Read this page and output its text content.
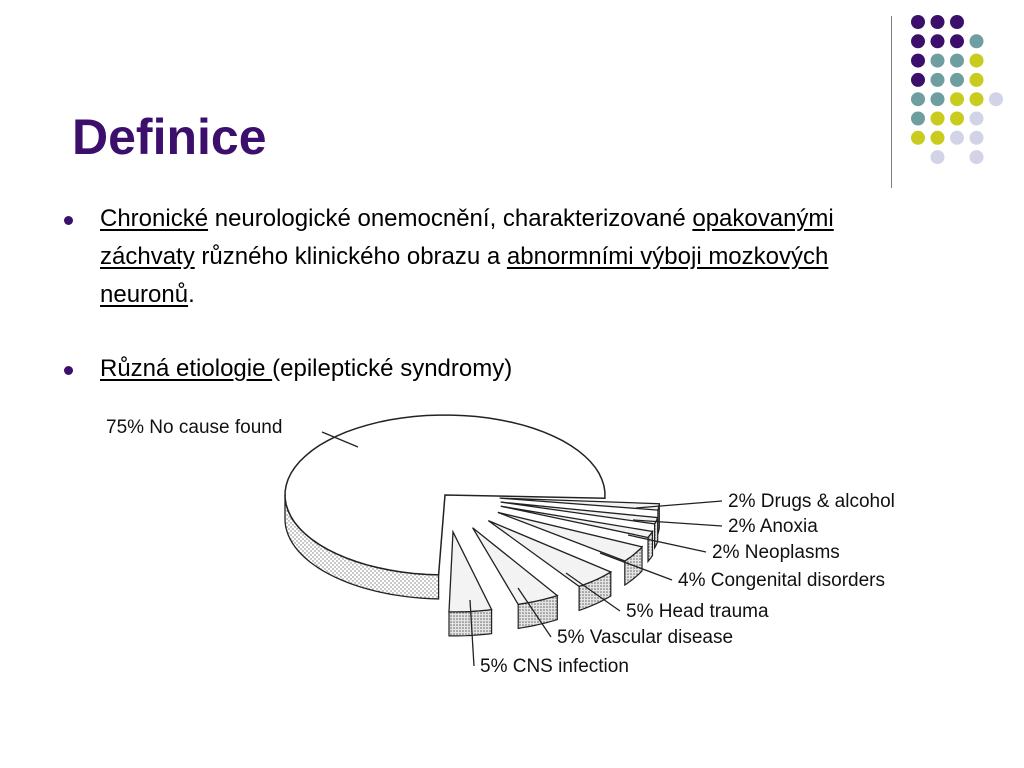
Definice
Chronické neurologické onemocnění, charakterizované opakovanými záchvaty různého klinického obrazu a abnormními výboji mozkových neuronů.
Různá etiologie (epileptické syndromy)
75% No cause found
2% Drugs & alcohol
2% Anoxia
2% Neoplasms
4% Congenital disorders
5% Head trauma
5% Vascular disease
5% CNS infection
